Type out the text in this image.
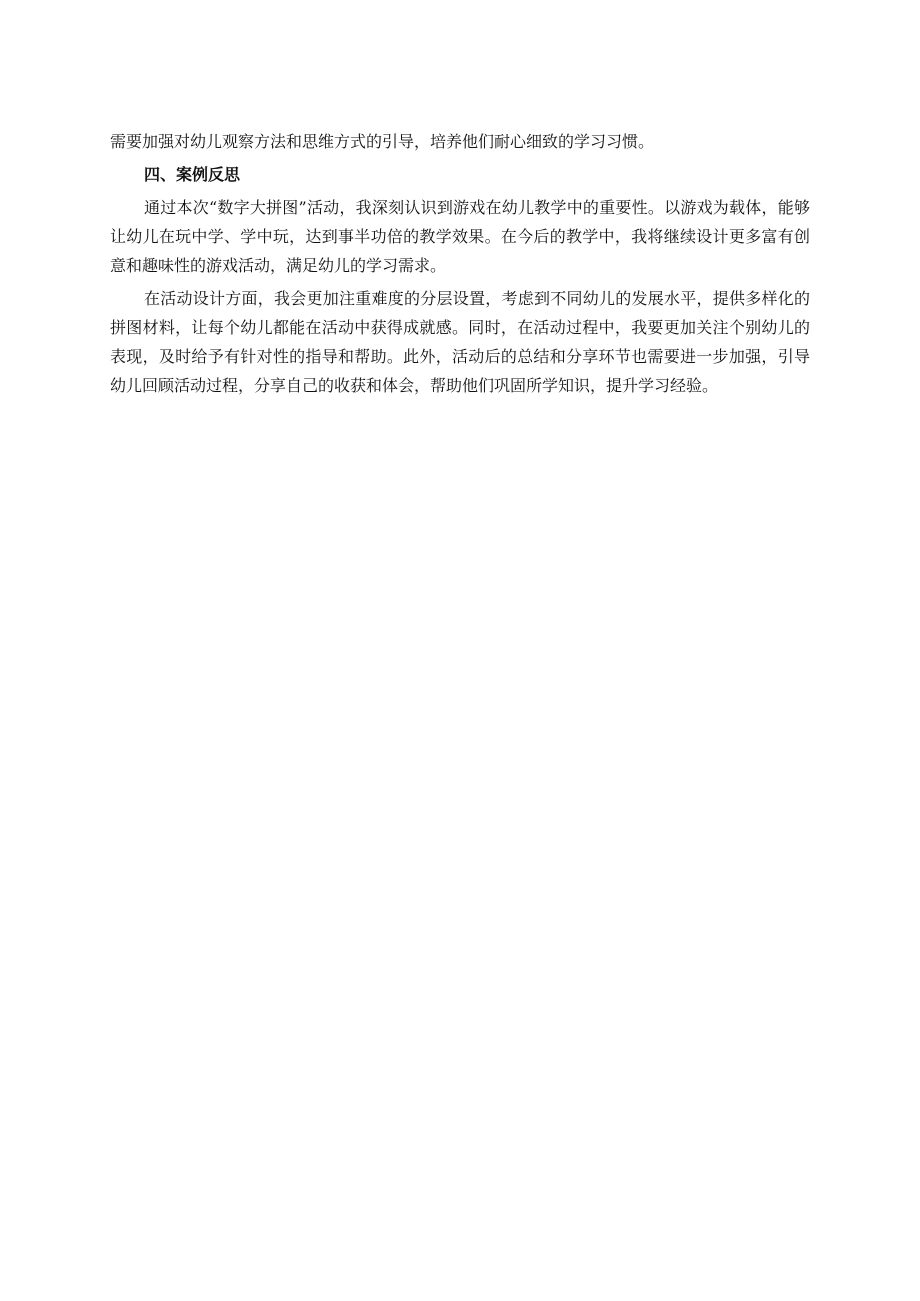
需要加强对幼儿观察方法和思维方式的引导，培养他们耐心细致的学习习惯。

四、案例反思

通过本次“数字大拼图”活动，我深刻认识到游戏在幼儿教学中的重要性。以游戏为载体，能够让幼儿在玩中学、学中玩，达到事半功倍的教学效果。在今后的教学中，我将继续设计更多富有创意和趣味性的游戏活动，满足幼儿的学习需求。

在活动设计方面，我会更加注重难度的分层设置，考虑到不同幼儿的发展水平，提供多样化的拼图材料，让每个幼儿都能在活动中获得成就感。同时，在活动过程中，我要更加关注个别幼儿的表现，及时给予有针对性的指导和帮助。此外，活动后的总结和分享环节也需要进一步加强，引导幼儿回顾活动过程，分享自己的收获和体会，帮助他们巩固所学知识，提升学习经验。
